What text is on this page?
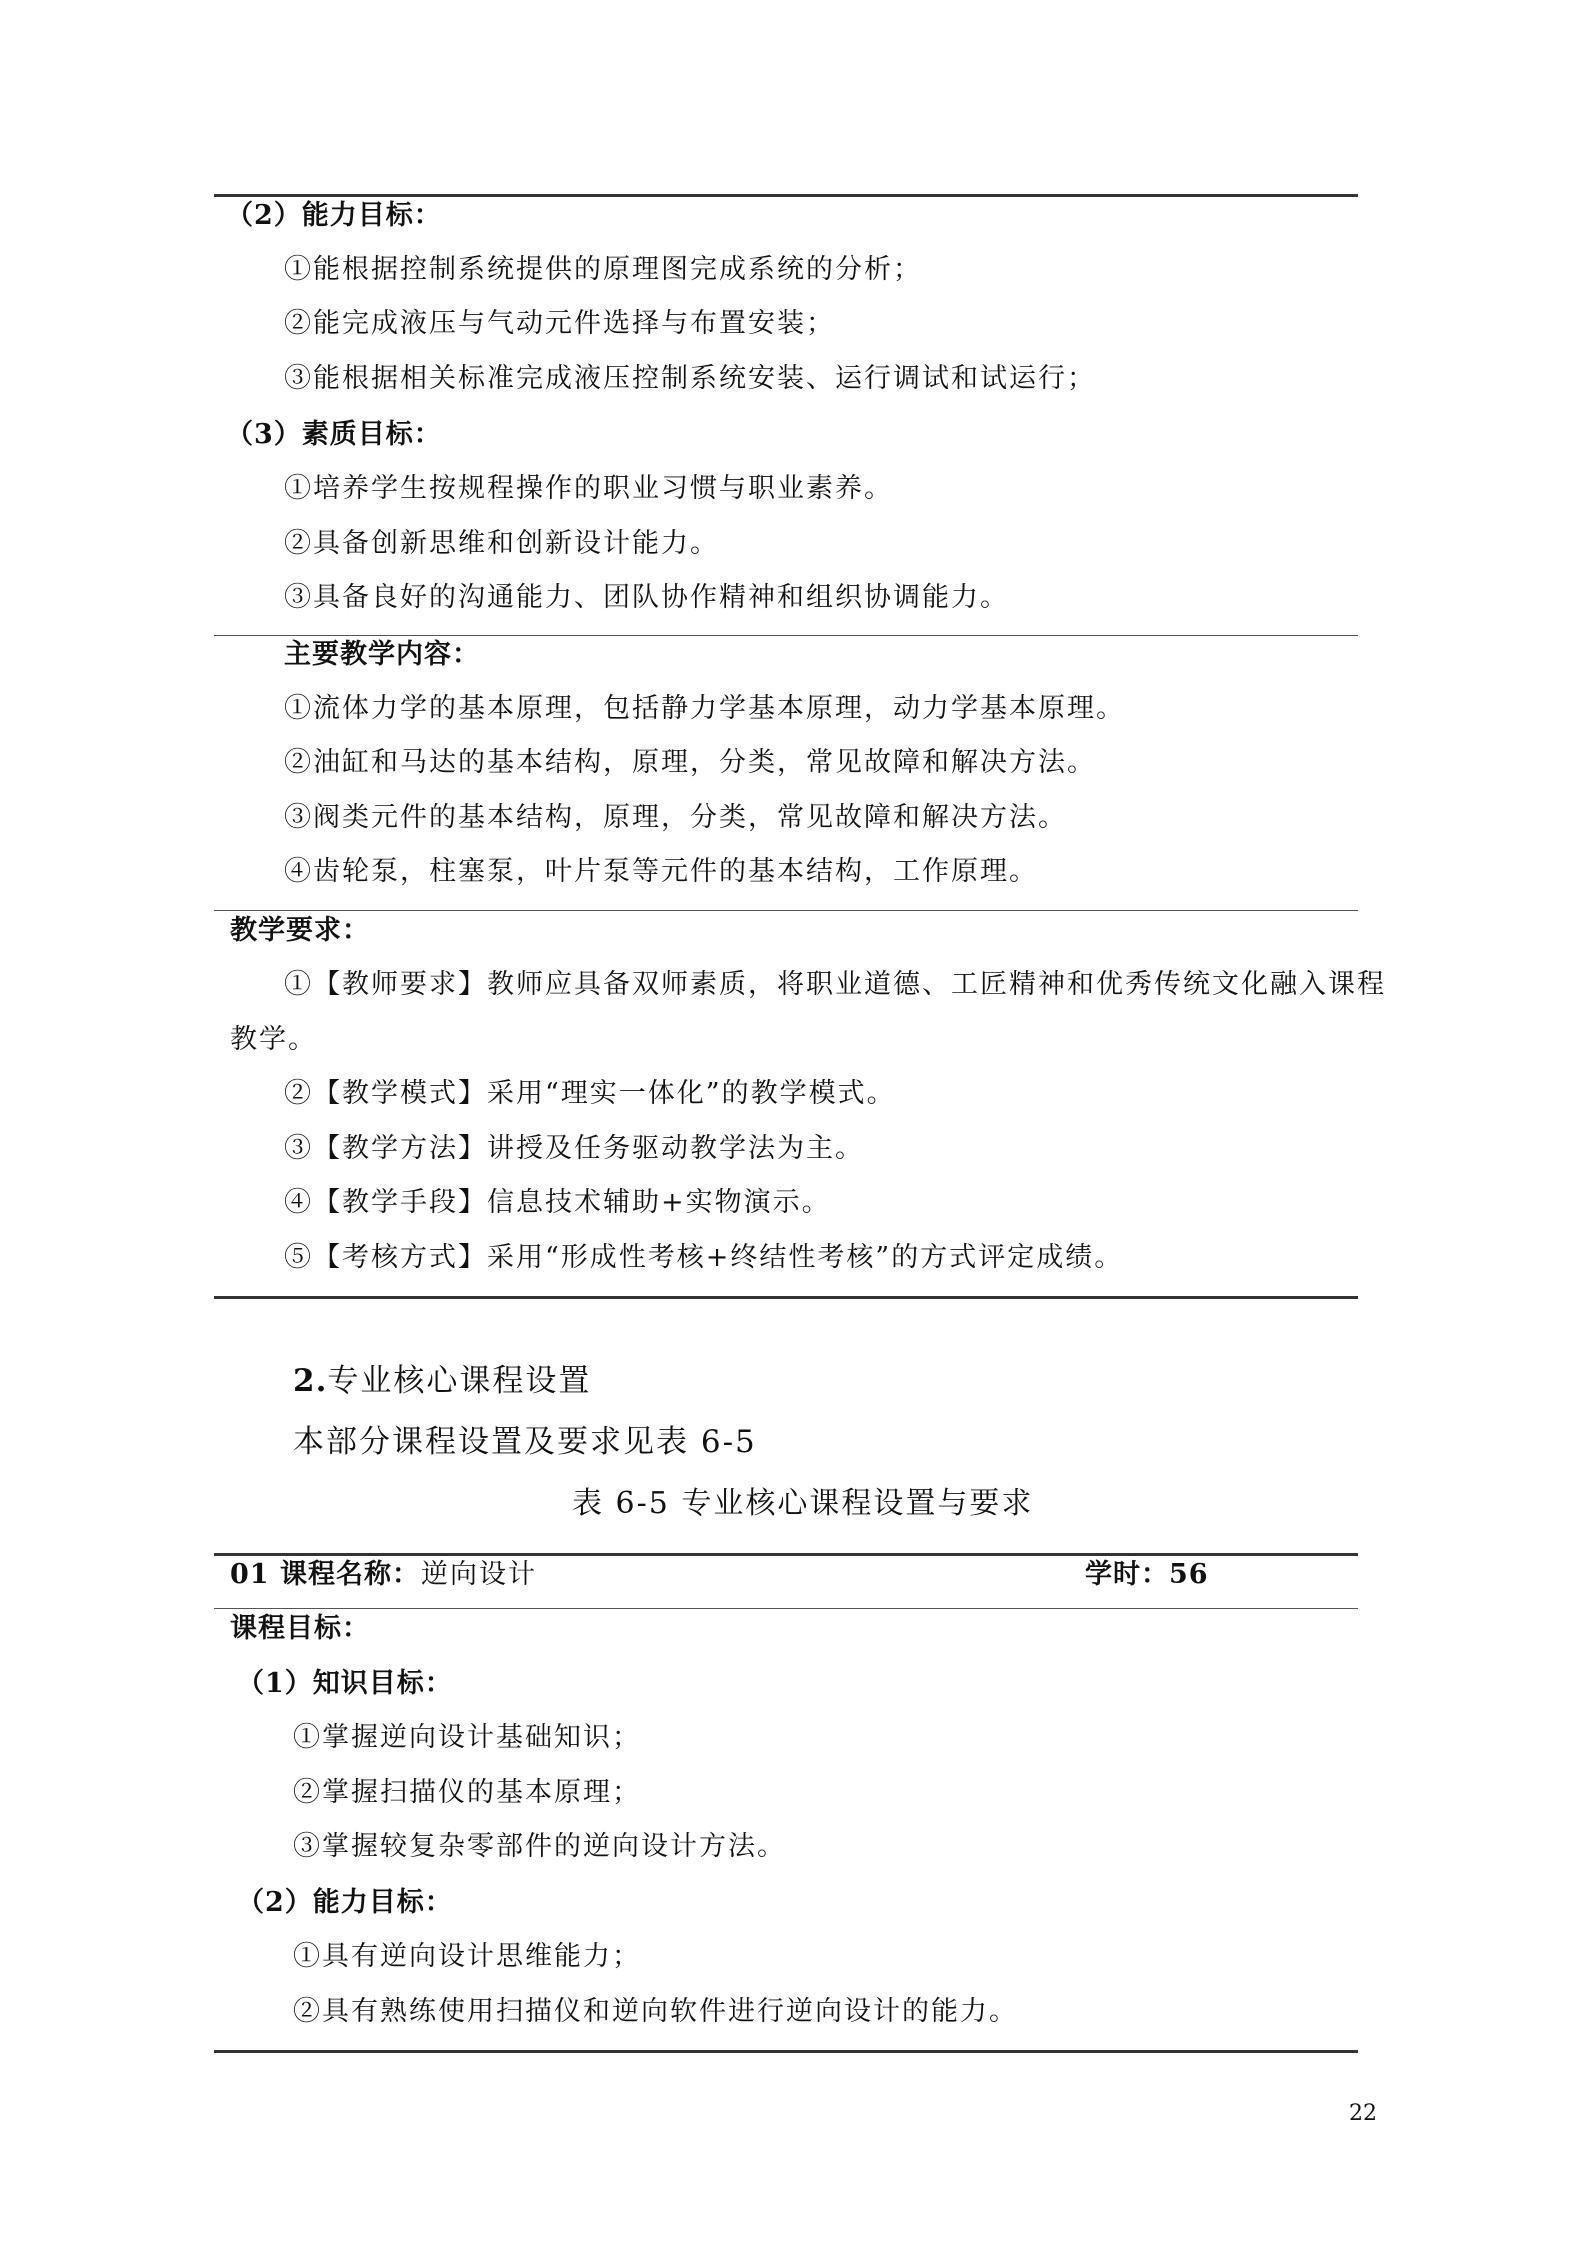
（2）能力目标：
①能根据控制系统提供的原理图完成系统的分析；
②能完成液压与气动元件选择与布置安装；
③能根据相关标准完成液压控制系统安装、运行调试和试运行；
（3）素质目标：
①培养学生按规程操作的职业习惯与职业素养。
②具备创新思维和创新设计能力。
③具备良好的沟通能力、团队协作精神和组织协调能力。
主要教学内容：
①流体力学的基本原理，包括静力学基本原理，动力学基本原理。
②油缸和马达的基本结构，原理，分类，常见故障和解决方法。
③阀类元件的基本结构，原理，分类，常见故障和解决方法。
④齿轮泵，柱塞泵，叶片泵等元件的基本结构，工作原理。
教学要求：
①【教师要求】教师应具备双师素质，将职业道德、工匠精神和优秀传统文化融入课程
教学。
②【教学模式】采用“理实一体化”的教学模式。
③【教学方法】讲授及任务驱动教学法为主。
④【教学手段】信息技术辅助+实物演示。
⑤【考核方式】采用“形成性考核+终结性考核”的方式评定成绩。
2.专业核心课程设置
本部分课程设置及要求见表 6-5
表 6-5 专业核心课程设置与要求
01 课程名称： 逆向设计	学时：56
课程目标：
（1）知识目标：
①掌握逆向设计基础知识；
②掌握扫描仪的基本原理；
③掌握较复杂零部件的逆向设计方法。
（2）能力目标：
①具有逆向设计思维能力；
②具有熟练使用扫描仪和逆向软件进行逆向设计的能力。
22
